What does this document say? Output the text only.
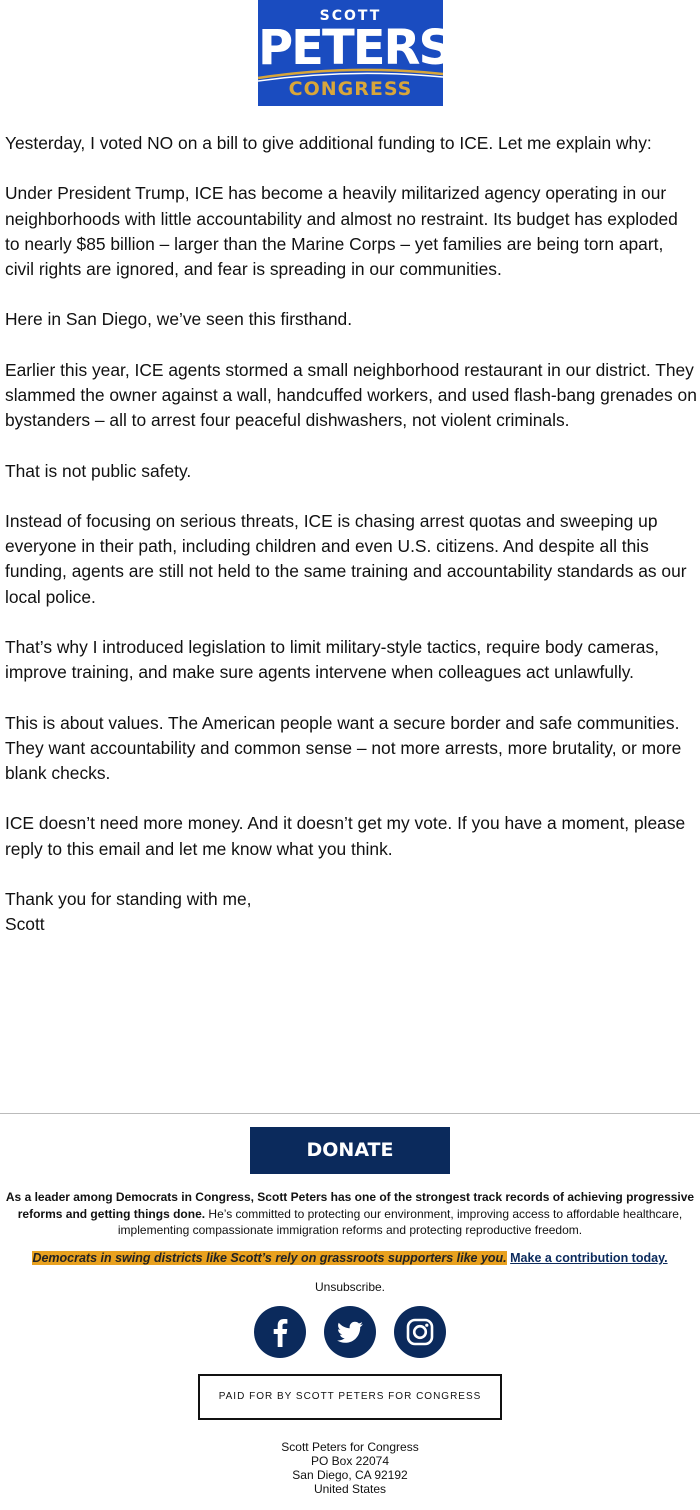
SCOTT
PETERS
CONGRESS

Yesterday, I voted NO on a bill to give additional funding to ICE. Let me explain why:

Under President Trump, ICE has become a heavily militarized agency operating in our neighborhoods with little accountability and almost no restraint. Its budget has exploded to nearly $85 billion – larger than the Marine Corps – yet families are being torn apart, civil rights are ignored, and fear is spreading in our communities.

Here in San Diego, we’ve seen this firsthand.

Earlier this year, ICE agents stormed a small neighborhood restaurant in our district. They slammed the owner against a wall, handcuffed workers, and used flash-bang grenades on bystanders – all to arrest four peaceful dishwashers, not violent criminals.

That is not public safety.

Instead of focusing on serious threats, ICE is chasing arrest quotas and sweeping up everyone in their path, including children and even U.S. citizens. And despite all this funding, agents are still not held to the same training and accountability standards as our local police.

That’s why I introduced legislation to limit military-style tactics, require body cameras, improve training, and make sure agents intervene when colleagues act unlawfully.

This is about values. The American people want a secure border and safe communities. They want accountability and common sense – not more arrests, more brutality, or more blank checks.

ICE doesn’t need more money. And it doesn’t get my vote. If you have a moment, please reply to this email and let me know what you think.

Thank you for standing with me,
Scott
DONATE
As a leader among Democrats in Congress, Scott Peters has one of the strongest track records of achieving progressive reforms and getting things done. He’s committed to protecting our environment, improving access to affordable healthcare, implementing compassionate immigration reforms and protecting reproductive freedom.
Democrats in swing districts like Scott’s rely on grassroots supporters like you. Make a contribution today.
Unsubscribe.
PAID FOR BY SCOTT PETERS FOR CONGRESS
Scott Peters for Congress
PO Box 22074
San Diego, CA 92192
United States
